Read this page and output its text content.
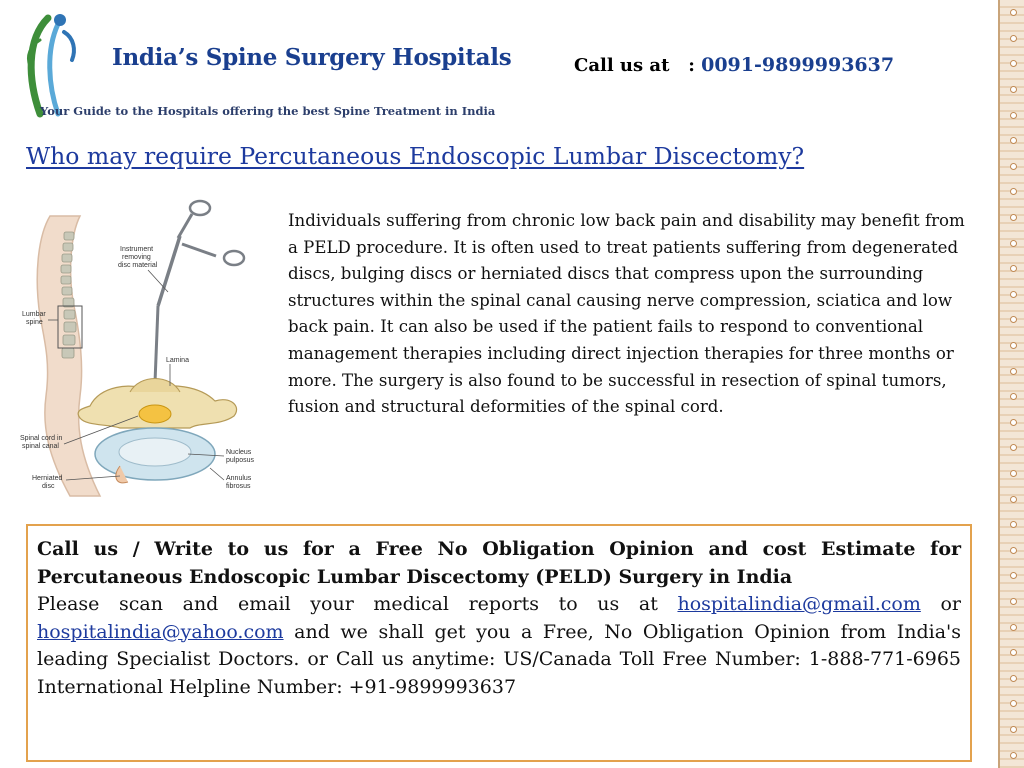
India’s Spine Surgery Hospitals
Your Guide to the Hospitals offering the best Spine Treatment in India
Call us at   : 0091-9899993637
Who may require Percutaneous Endoscopic Lumbar Discectomy?
Lumbar
spine
Instrument
removing
disc material
Lamina
Spinal cord in
spinal canal
Herniated
disc
Nucleus
pulposus
Annulus
fibrosus
Individuals suffering from chronic low back pain and disability may benefit from a PELD procedure. It is often used to treat patients suffering from degenerated discs, bulging discs or herniated discs that compress upon the surrounding structures within the spinal canal causing nerve compression, sciatica and low back pain. It can also be used if the patient fails to respond to conventional management therapies including direct injection therapies for three months or more. The surgery is also found to be successful in resection of spinal tumors, fusion and structural deformities of the spinal cord.
Call us / Write to us for a Free No Obligation Opinion and cost Estimate for Percutaneous Endoscopic Lumbar Discectomy (PELD) Surgery in India
Please scan and email your medical reports to us at hospitalindia@gmail.com or hospitalindia@yahoo.com and we shall get you a Free, No Obligation Opinion from India's leading Specialist Doctors. or Call us anytime: US/Canada Toll Free Number: 1-888-771-6965 International Helpline Number: +91-9899993637
